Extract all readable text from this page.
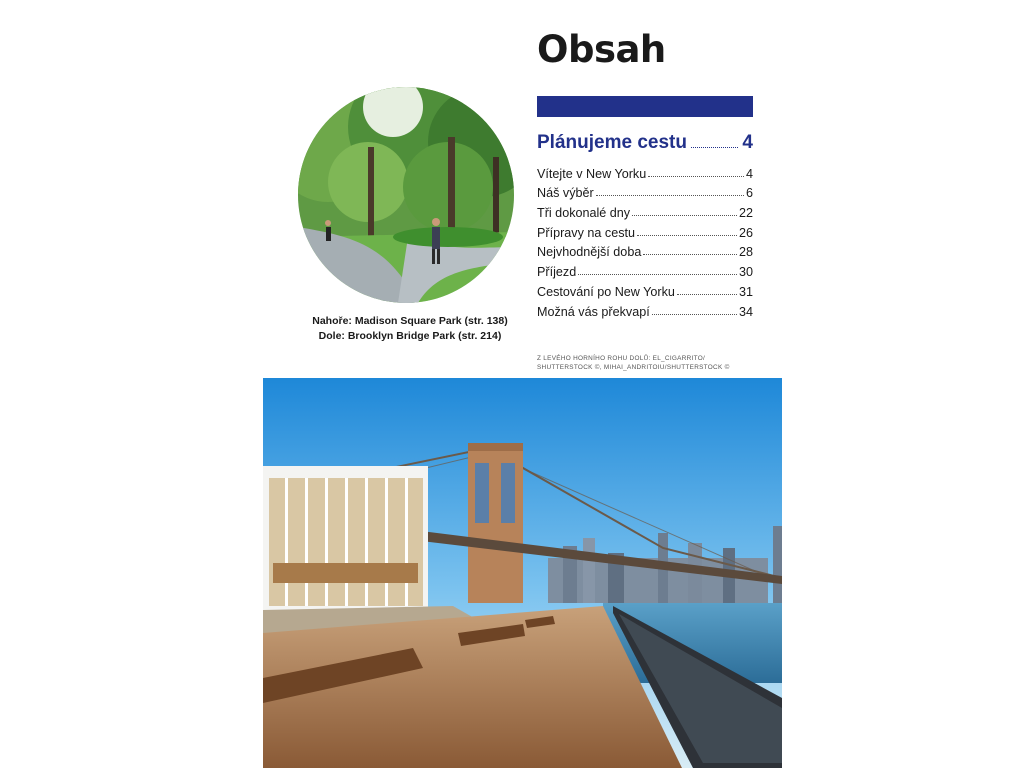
Obsah
Nahoře: Madison Square Park (str. 138)
Dole: Brooklyn Bridge Park (str. 214)
Plánujeme cestu	4
Vítejte v New Yorku	4
Náš výběr	6
Tři dokonalé dny	22
Přípravy na cestu	26
Nejvhodnější doba	28
Příjezd	30
Cestování po New Yorku	31
Možná vás překvapí	34

Z LEVÉHO HORNÍHO ROHU DOLŮ: EL_CIGARRITO/
SHUTTERSTOCK ©, MIHAI_ANDRITOIU/SHUTTERSTOCK ©
